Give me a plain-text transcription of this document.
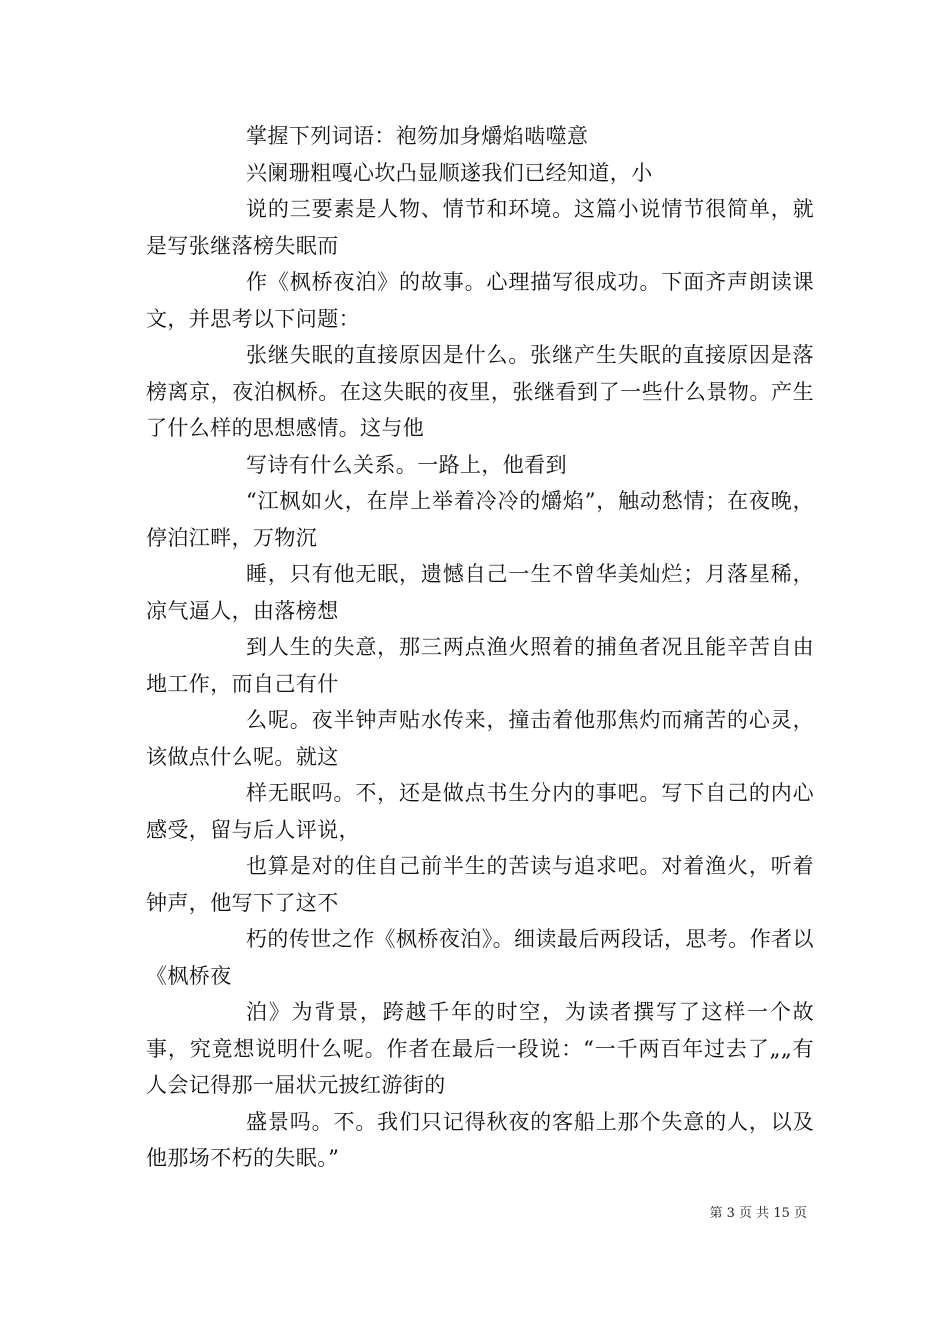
掌握下列词语：袍笏加身爝焰啮噬意

兴阑珊粗嘎心坎凸显顺遂我们已经知道，小

说的三要素是人物、情节和环境。这篇小说情节很简单，就是写张继落榜失眠而

作《枫桥夜泊》的故事。心理描写很成功。下面齐声朗读课文，并思考以下问题：

张继失眠的直接原因是什么。张继产生失眠的直接原因是落榜离京，夜泊枫桥。在这失眠的夜里，张继看到了一些什么景物。产生了什么样的思想感情。这与他

写诗有什么关系。一路上，他看到

“江枫如火，在岸上举着冷冷的爝焰”，触动愁情；在夜晚，停泊江畔，万物沉

睡，只有他无眠，遗憾自己一生不曾华美灿烂；月落星稀，凉气逼人，由落榜想

到人生的失意，那三两点渔火照着的捕鱼者况且能辛苦自由地工作，而自己有什

么呢。夜半钟声贴水传来，撞击着他那焦灼而痛苦的心灵，该做点什么呢。就这

样无眠吗。不，还是做点书生分内的事吧。写下自己的内心感受，留与后人评说，

也算是对的住自己前半生的苦读与追求吧。对着渔火，听着钟声，他写下了这不

朽的传世之作《枫桥夜泊》。细读最后两段话，思考。作者以《枫桥夜

泊》为背景，跨越千年的时空，为读者撰写了这样一个故事，究竟想说明什么呢。作者在最后一段说：“一千两百年过去了„„有人会记得那一届状元披红游街的

盛景吗。不。我们只记得秋夜的客船上那个失意的人，以及他那场不朽的失眠。”

第 3 页 共 15 页
